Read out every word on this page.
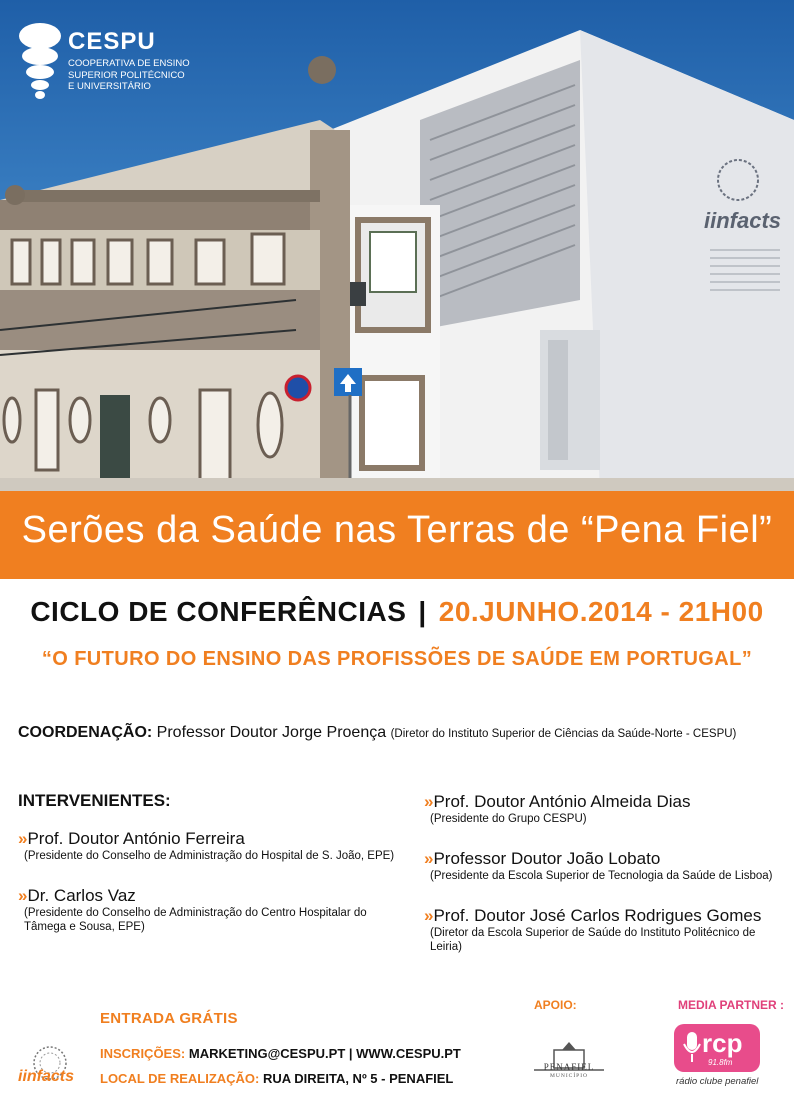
CESPU
COOPERATIVA DE ENSINO
SUPERIOR POLITÉCNICO
E UNIVERSITÁRIO
iinfacts
Serões da Saúde nas Terras de “Pena Fiel”
CICLO DE CONFERÊNCIAS | 20.JUNHO.2014 - 21H00
“O FUTURO DO ENSINO DAS PROFISSÕES DE SAÚDE EM PORTUGAL”
COORDENAÇÃO: Professor Doutor Jorge Proença (Diretor do Instituto Superior de Ciências da Saúde-Norte - CESPU)
INTERVENIENTES:
»Prof. Doutor António Ferreira
(Presidente do Conselho de Administração do Hospital de S. João, EPE)
»Dr. Carlos Vaz
(Presidente do Conselho de Administração do Centro Hospitalar do Tâmega e Sousa, EPE)
»Prof. Doutor António Almeida Dias
(Presidente do Grupo CESPU)
»Professor Doutor João Lobato
(Presidente da Escola Superior de Tecnologia da Saúde de Lisboa)
»Prof. Doutor José Carlos Rodrigues Gomes
(Diretor da Escola Superior de Saúde do Instituto Politécnico de Leiria)
iinfacts
ENTRADA GRÁTIS
INSCRIÇÕES: MARKETING@CESPU.PT | WWW.CESPU.PT
LOCAL DE REALIZAÇÃO: RUA DIREITA, Nº 5 - PENAFIEL
APOIO:
PENAFIEL
MUNICÍPIO
MEDIA PARTNER :
rcp
91.8fm
rádio clube penafiel
